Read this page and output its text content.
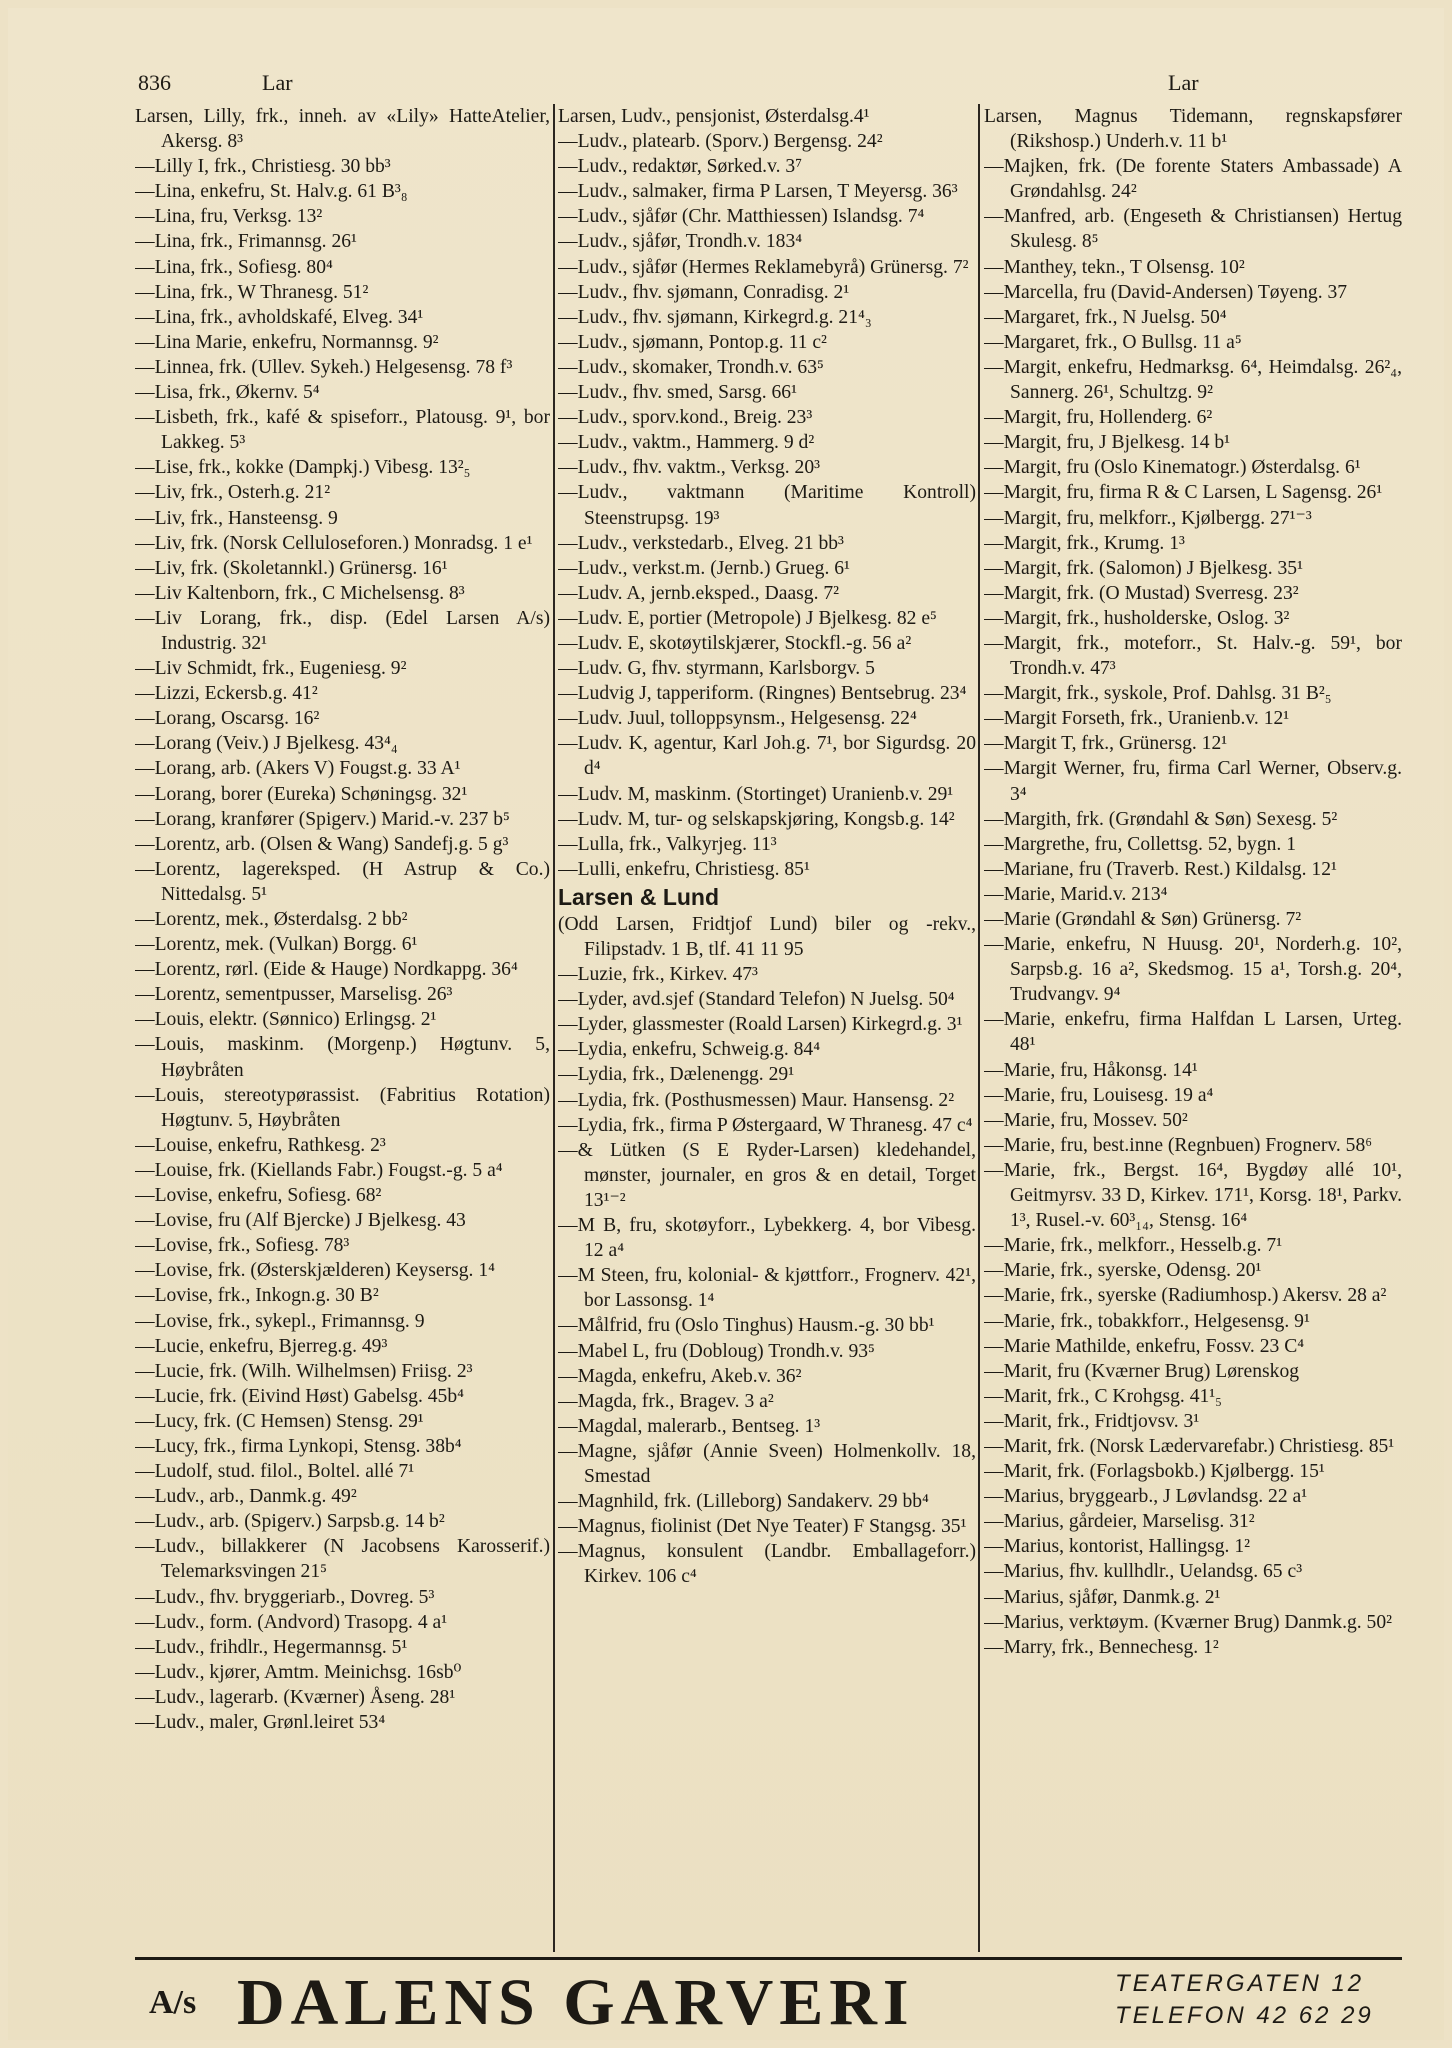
836	Lar	Lar
Larsen, Lilly, frk., inneh. av «Lily» HatteAtelier, Akersg. 8³
—Lilly I, frk., Christiesg. 30 bb³
—Lina, enkefru, St. Halv.g. 61 B³₈
—Lina, fru, Verksg. 13²
—Lina, frk., Frimannsg. 26¹
—Lina, frk., Sofiesg. 80⁴
—Lina, frk., W Thranesg. 51²
—Lina, frk., avholdskafé, Elveg. 34¹
—Lina Marie, enkefru, Normannsg. 9²
—Linnea, frk. (Ullev. Sykeh.) Helgesensg. 78 f³
—Lisa, frk., Økernv. 5⁴
—Lisbeth, frk., kafé & spiseforr., Platousg. 9¹, bor Lakkeg. 5³
—Lise, frk., kokke (Dampkj.) Vibesg. 13²₅
—Liv, frk., Osterh.g. 21²
—Liv, frk., Hansteensg. 9
—Liv, frk. (Norsk Celluloseforen.) Monradsg. 1 e¹
—Liv, frk. (Skoletannkl.) Grünersg. 16¹
—Liv Kaltenborn, frk., C Michelsensg. 8³
—Liv Lorang, frk., disp. (Edel Larsen A/s) Industrig. 32¹
—Liv Schmidt, frk., Eugeniesg. 9²
—Lizzi, Eckersb.g. 41²
—Lorang, Oscarsg. 16²
—Lorang (Veiv.) J Bjelkesg. 43⁴₄
—Lorang, arb. (Akers V) Fougst.g. 33 A¹
—Lorang, borer (Eureka) Schøningsg. 32¹
—Lorang, kranfører (Spigerv.) Marid.-v. 237 b⁵
—Lorentz, arb. (Olsen & Wang) Sandefj.g. 5 g³
—Lorentz, lagereksped. (H Astrup & Co.) Nittedalsg. 5¹
—Lorentz, mek., Østerdalsg. 2 bb²
—Lorentz, mek. (Vulkan) Borgg. 6¹
—Lorentz, rørl. (Eide & Hauge) Nordkappg. 36⁴
—Lorentz, sementpusser, Marselisg. 26³
—Louis, elektr. (Sønnico) Erlingsg. 2¹
—Louis, maskinm. (Morgenp.) Høgtunv. 5, Høybråten
—Louis, stereotypørassist. (Fabritius Rotation) Høgtunv. 5, Høybråten
—Louise, enkefru, Rathkesg. 2³
—Louise, frk. (Kiellands Fabr.) Fougst.-g. 5 a⁴
—Lovise, enkefru, Sofiesg. 68²
—Lovise, fru (Alf Bjercke) J Bjelkesg. 43
—Lovise, frk., Sofiesg. 78³
—Lovise, frk. (Østerskjælderen) Keysersg. 1⁴
—Lovise, frk., Inkogn.g. 30 B²
—Lovise, frk., sykepl., Frimannsg. 9
—Lucie, enkefru, Bjerreg.g. 49³
—Lucie, frk. (Wilh. Wilhelmsen) Friisg. 2³
—Lucie, frk. (Eivind Høst) Gabelsg. 45b⁴
—Lucy, frk. (C Hemsen) Stensg. 29¹
—Lucy, frk., firma Lynkopi, Stensg. 38b⁴
—Ludolf, stud. filol., Boltel. allé 7¹
—Ludv., arb., Danmk.g. 49²
—Ludv., arb. (Spigerv.) Sarpsb.g. 14 b²
—Ludv., billakkerer (N Jacobsens Karosserif.) Telemarksvingen 21⁵
—Ludv., fhv. bryggeriarb., Dovreg. 5³
—Ludv., form. (Andvord) Trasopg. 4 a¹
—Ludv., frihdlr., Hegermannsg. 5¹
—Ludv., kjører, Amtm. Meinichsg. 16sb⁰
—Ludv., lagerarb. (Kværner) Åseng. 28¹
—Ludv., maler, Grønl.leiret 53⁴
Larsen, Ludv., pensjonist, Østerdalsg.4¹
—Ludv., platearb. (Sporv.) Bergensg. 24²
—Ludv., redaktør, Sørked.v. 3⁷
—Ludv., salmaker, firma P Larsen, T Meyersg. 36³
—Ludv., sjåfør (Chr. Matthiessen) Islandsg. 7⁴
—Ludv., sjåfør, Trondh.v. 183⁴
—Ludv., sjåfør (Hermes Reklamebyrå) Grünersg. 7²
—Ludv., fhv. sjømann, Conradisg. 2¹
—Ludv., fhv. sjømann, Kirkegrd.g. 21⁴₃
—Ludv., sjømann, Pontop.g. 11 c²
—Ludv., skomaker, Trondh.v. 63⁵
—Ludv., fhv. smed, Sarsg. 66¹
—Ludv., sporv.kond., Breig. 23³
—Ludv., vaktm., Hammerg. 9 d²
—Ludv., fhv. vaktm., Verksg. 20³
—Ludv., vaktmann (Maritime Kontroll) Steenstrupsg. 19³
—Ludv., verkstedarb., Elveg. 21 bb³
—Ludv., verkst.m. (Jernb.) Grueg. 6¹
—Ludv. A, jernb.eksped., Daasg. 7²
—Ludv. E, portier (Metropole) J Bjelkesg. 82 e⁵
—Ludv. E, skotøytilskjærer, Stockfl.-g. 56 a²
—Ludv. G, fhv. styrmann, Karlsborgv. 5
—Ludvig J, tapperiform. (Ringnes) Bentsebrug. 23⁴
—Ludv. Juul, tolloppsynsm., Helgesensg. 22⁴
—Ludv. K, agentur, Karl Joh.g. 7¹, bor Sigurdsg. 20 d⁴
—Ludv. M, maskinm. (Stortinget) Uranienb.v. 29¹
—Ludv. M, tur- og selskapskjøring, Kongsb.g. 14²
—Lulla, frk., Valkyrjeg. 11³
—Lulli, enkefru, Christiesg. 85¹
Larsen & Lund
(Odd Larsen, Fridtjof Lund) biler og -rekv., Filipstadv. 1 B, tlf. 41 11 95
—Luzie, frk., Kirkev. 47³
—Lyder, avd.sjef (Standard Telefon) N Juelsg. 50⁴
—Lyder, glassmester (Roald Larsen) Kirkegrd.g. 3¹
—Lydia, enkefru, Schweig.g. 84⁴
—Lydia, frk., Dælenengg. 29¹
—Lydia, frk. (Posthusmessen) Maur. Hansensg. 2²
—Lydia, frk., firma P Østergaard, W Thranesg. 47 c⁴
—& Lütken (S E Ryder-Larsen) kledehandel, mønster, journaler, en gros & en detail, Torget 13¹⁻²
—M B, fru, skotøyforr., Lybekkerg. 4, bor Vibesg. 12 a⁴
—M Steen, fru, kolonial- & kjøttforr., Frognerv. 42¹, bor Lassonsg. 1⁴
—Målfrid, fru (Oslo Tinghus) Hausm.-g. 30 bb¹
—Mabel L, fru (Dobloug) Trondh.v. 93⁵
—Magda, enkefru, Akeb.v. 36²
—Magda, frk., Bragev. 3 a²
—Magdal, malerarb., Bentseg. 1³
—Magne, sjåfør (Annie Sveen) Holmenkollv. 18, Smestad
—Magnhild, frk. (Lilleborg) Sandakerv. 29 bb⁴
—Magnus, fiolinist (Det Nye Teater) F Stangsg. 35¹
—Magnus, konsulent (Landbr. Emballageforr.) Kirkev. 106 c⁴
Larsen, Magnus Tidemann, regnskapsfører (Rikshosp.) Underh.v. 11 b¹
—Majken, frk. (De forente Staters Ambassade) A Grøndahlsg. 24²
—Manfred, arb. (Engeseth & Christiansen) Hertug Skulesg. 8⁵
—Manthey, tekn., T Olsensg. 10²
—Marcella, fru (David-Andersen) Tøyeng. 37
—Margaret, frk., N Juelsg. 50⁴
—Margaret, frk., O Bullsg. 11 a⁵
—Margit, enkefru, Hedmarksg. 6⁴, Heimdalsg. 26²₄, Sannerg. 26¹, Schultzg. 9²
—Margit, fru, Hollenderg. 6²
—Margit, fru, J Bjelkesg. 14 b¹
—Margit, fru (Oslo Kinematogr.) Østerdalsg. 6¹
—Margit, fru, firma R & C Larsen, L Sagensg. 26¹
—Margit, fru, melkforr., Kjølbergg. 27¹⁻³
—Margit, frk., Krumg. 1³
—Margit, frk. (Salomon) J Bjelkesg. 35¹
—Margit, frk. (O Mustad) Sverresg. 23²
—Margit, frk., husholderske, Oslog. 3²
—Margit, frk., moteforr., St. Halv.-g. 59¹, bor Trondh.v. 47³
—Margit, frk., syskole, Prof. Dahlsg. 31 B²₅
—Margit Forseth, frk., Uranienb.v. 12¹
—Margit T, frk., Grünersg. 12¹
—Margit Werner, fru, firma Carl Werner, Observ.g. 3⁴
—Margith, frk. (Grøndahl & Søn) Sexesg. 5²
—Margrethe, fru, Collettsg. 52, bygn. 1
—Mariane, fru (Traverb. Rest.) Kildalsg. 12¹
—Marie, Marid.v. 213⁴
—Marie (Grøndahl & Søn) Grünersg. 7²
—Marie, enkefru, N Huusg. 20¹, Norderh.g. 10², Sarpsb.g. 16 a², Skedsmog. 15 a¹, Torsh.g. 20⁴, Trudvangv. 9⁴
—Marie, enkefru, firma Halfdan L Larsen, Urteg. 48¹
—Marie, fru, Håkonsg. 14¹
—Marie, fru, Louisesg. 19 a⁴
—Marie, fru, Mossev. 50²
—Marie, fru, best.inne (Regnbuen) Frognerv. 58⁶
—Marie, frk., Bergst. 16⁴, Bygdøy allé 10¹, Geitmyrsv. 33 D, Kirkev. 171¹, Korsg. 18¹, Parkv. 1³, Rusel.-v. 60³₁₄, Stensg. 16⁴
—Marie, frk., melkforr., Hesselb.g. 7¹
—Marie, frk., syerske, Odensg. 20¹
—Marie, frk., syerske (Radiumhosp.) Akersv. 28 a²
—Marie, frk., tobakkforr., Helgesensg. 9¹
—Marie Mathilde, enkefru, Fossv. 23 C⁴
—Marit, fru (Kværner Brug) Lørenskog
—Marit, frk., C Krohgsg. 41¹₅
—Marit, frk., Fridtjovsv. 3¹
—Marit, frk. (Norsk Lædervarefabr.) Christiesg. 85¹
—Marit, frk. (Forlagsbokb.) Kjølbergg. 15¹
—Marius, bryggearb., J Løvlandsg. 22 a¹
—Marius, gårdeier, Marselisg. 31²
—Marius, kontorist, Hallingsg. 1²
—Marius, fhv. kullhdlr., Uelandsg. 65 c³
—Marius, sjåfør, Danmk.g. 2¹
—Marius, verktøym. (Kværner Brug) Danmk.g. 50²
—Marry, frk., Bennechesg. 1²
A/s DALENS GARVERI	TEATERGATEN 12
TELEFON 42 62 29
